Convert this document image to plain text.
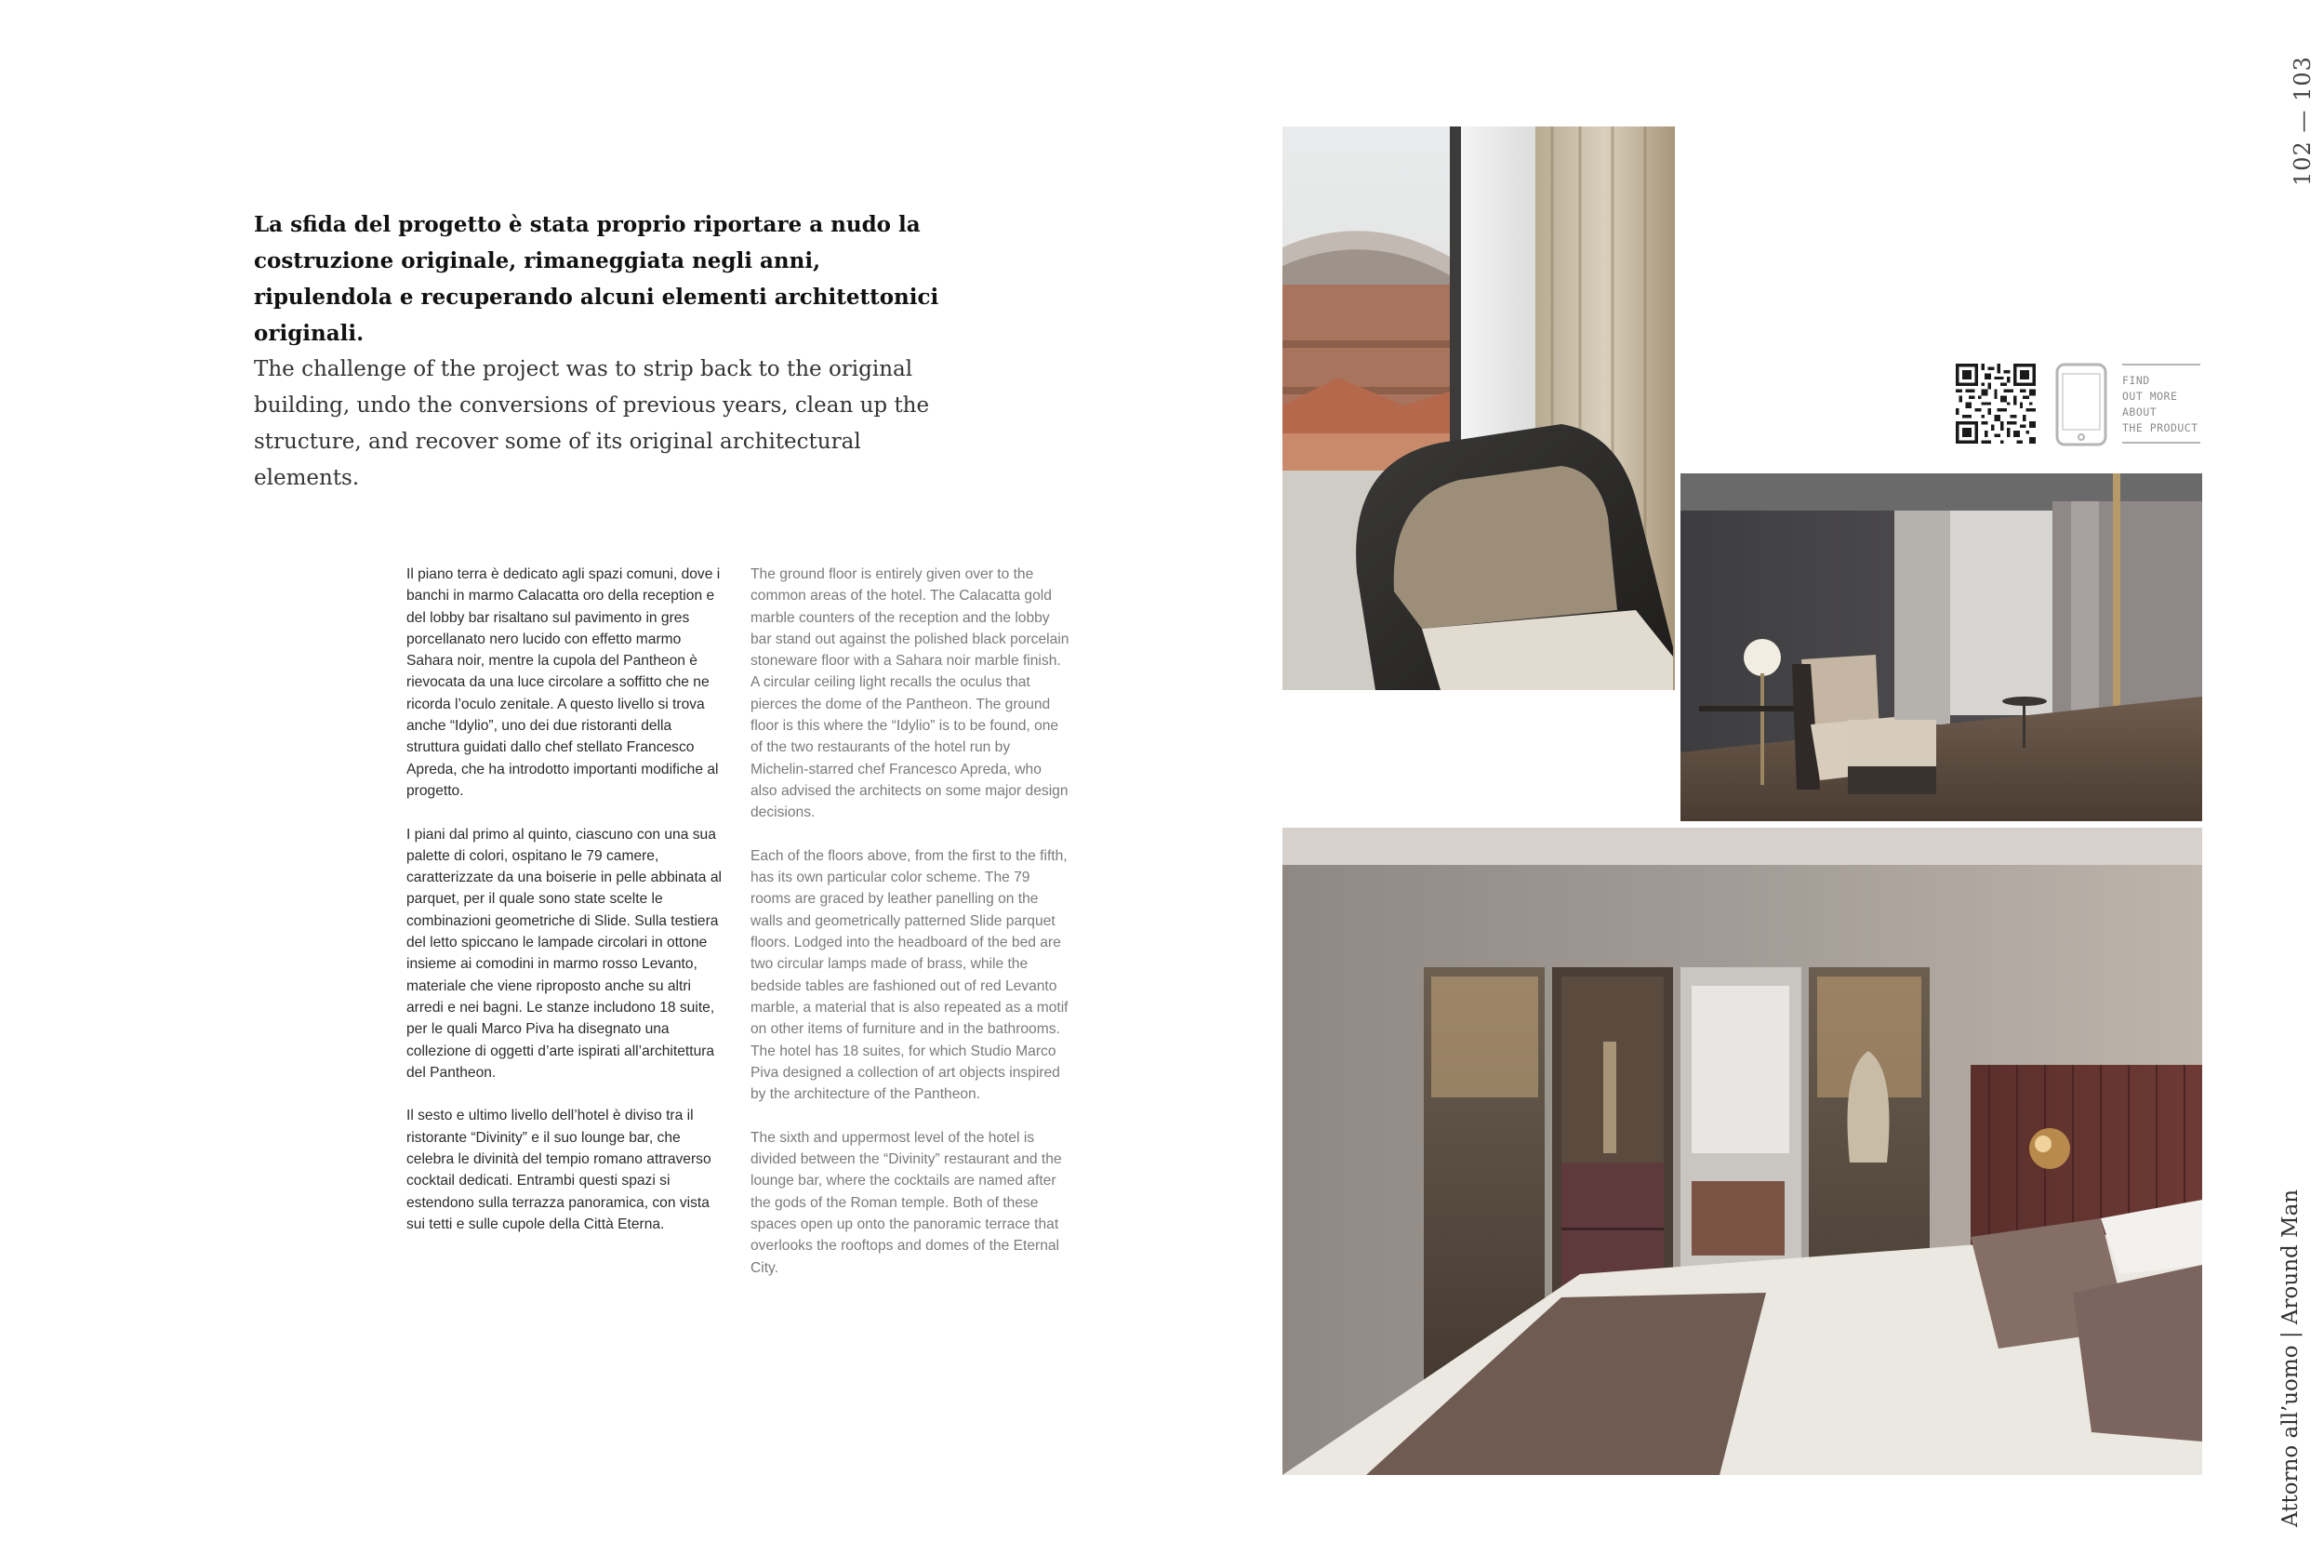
La sfida del progetto è stata proprio riportare a nudo la costruzione originale, rimaneggiata negli anni, ripulendola e recuperando alcuni elementi architettonici originali.

The challenge of the project was to strip back to the original building, undo the conversions of previous years, clean up the structure, and recover some of its original architectural elements.

Il piano terra è dedicato agli spazi comuni, dove i banchi in marmo Calacatta oro della reception e del lobby bar risaltano sul pavimento in gres porcellanato nero lucido con effetto marmo Sahara noir, mentre la cupola del Pantheon è rievocata da una luce circolare a soffitto che ne ricorda l’oculo zenitale. A questo livello si trova anche “Idylio”, uno dei due ristoranti della struttura guidati dallo chef stellato Francesco Apreda, che ha introdotto importanti modifiche al progetto.

I piani dal primo al quinto, ciascuno con una sua palette di colori, ospitano le 79 camere, caratterizzate da una boiserie in pelle abbinata al parquet, per il quale sono state scelte le combinazioni geometriche di Slide. Sulla testiera del letto spiccano le lampade circolari in ottone insieme ai comodini in marmo rosso Levanto, materiale che viene riproposto anche su altri arredi e nei bagni. Le stanze includono 18 suite, per le quali Marco Piva ha disegnato una collezione di oggetti d’arte ispirati all’architettura del Pantheon.

Il sesto e ultimo livello dell’hotel è diviso tra il ristorante “Divinity” e il suo lounge bar, che celebra le divinità del tempio romano attraverso cocktail dedicati. Entrambi questi spazi si estendono sulla terrazza panoramica, con vista sui tetti e sulle cupole della Città Eterna.

The ground floor is entirely given over to the common areas of the hotel. The Calacatta gold marble counters of the reception and the lobby bar stand out against the polished black porcelain stoneware floor with a Sahara noir marble finish. A circular ceiling light recalls the oculus that pierces the dome of the Pantheon. The ground floor is this where the “Idylio” is to be found, one of the two restaurants of the hotel run by Michelin-starred chef Francesco Apreda, who also advised the architects on some major design decisions.

Each of the floors above, from the first to the fifth, has its own particular color scheme. The 79 rooms are graced by leather panelling on the walls and geometrically patterned Slide parquet floors. Lodged into the headboard of the bed are two circular lamps made of brass, while the bedside tables are fashioned out of red Levanto marble, a material that is also repeated as a motif on other items of furniture and in the bathrooms. The hotel has 18 suites, for which Studio Marco Piva designed a collection of art objects inspired by the architecture of the Pantheon.

The sixth and uppermost level of the hotel is divided between the “Divinity” restaurant and the lounge bar, where the cocktails are named after the gods of the Roman temple. Both of these spaces open up onto the panoramic terrace that overlooks the rooftops and domes of the Eternal City.

FIND
OUT MORE
ABOUT
THE PRODUCT
102 — 103
Attorno all’uomo | Around Man
